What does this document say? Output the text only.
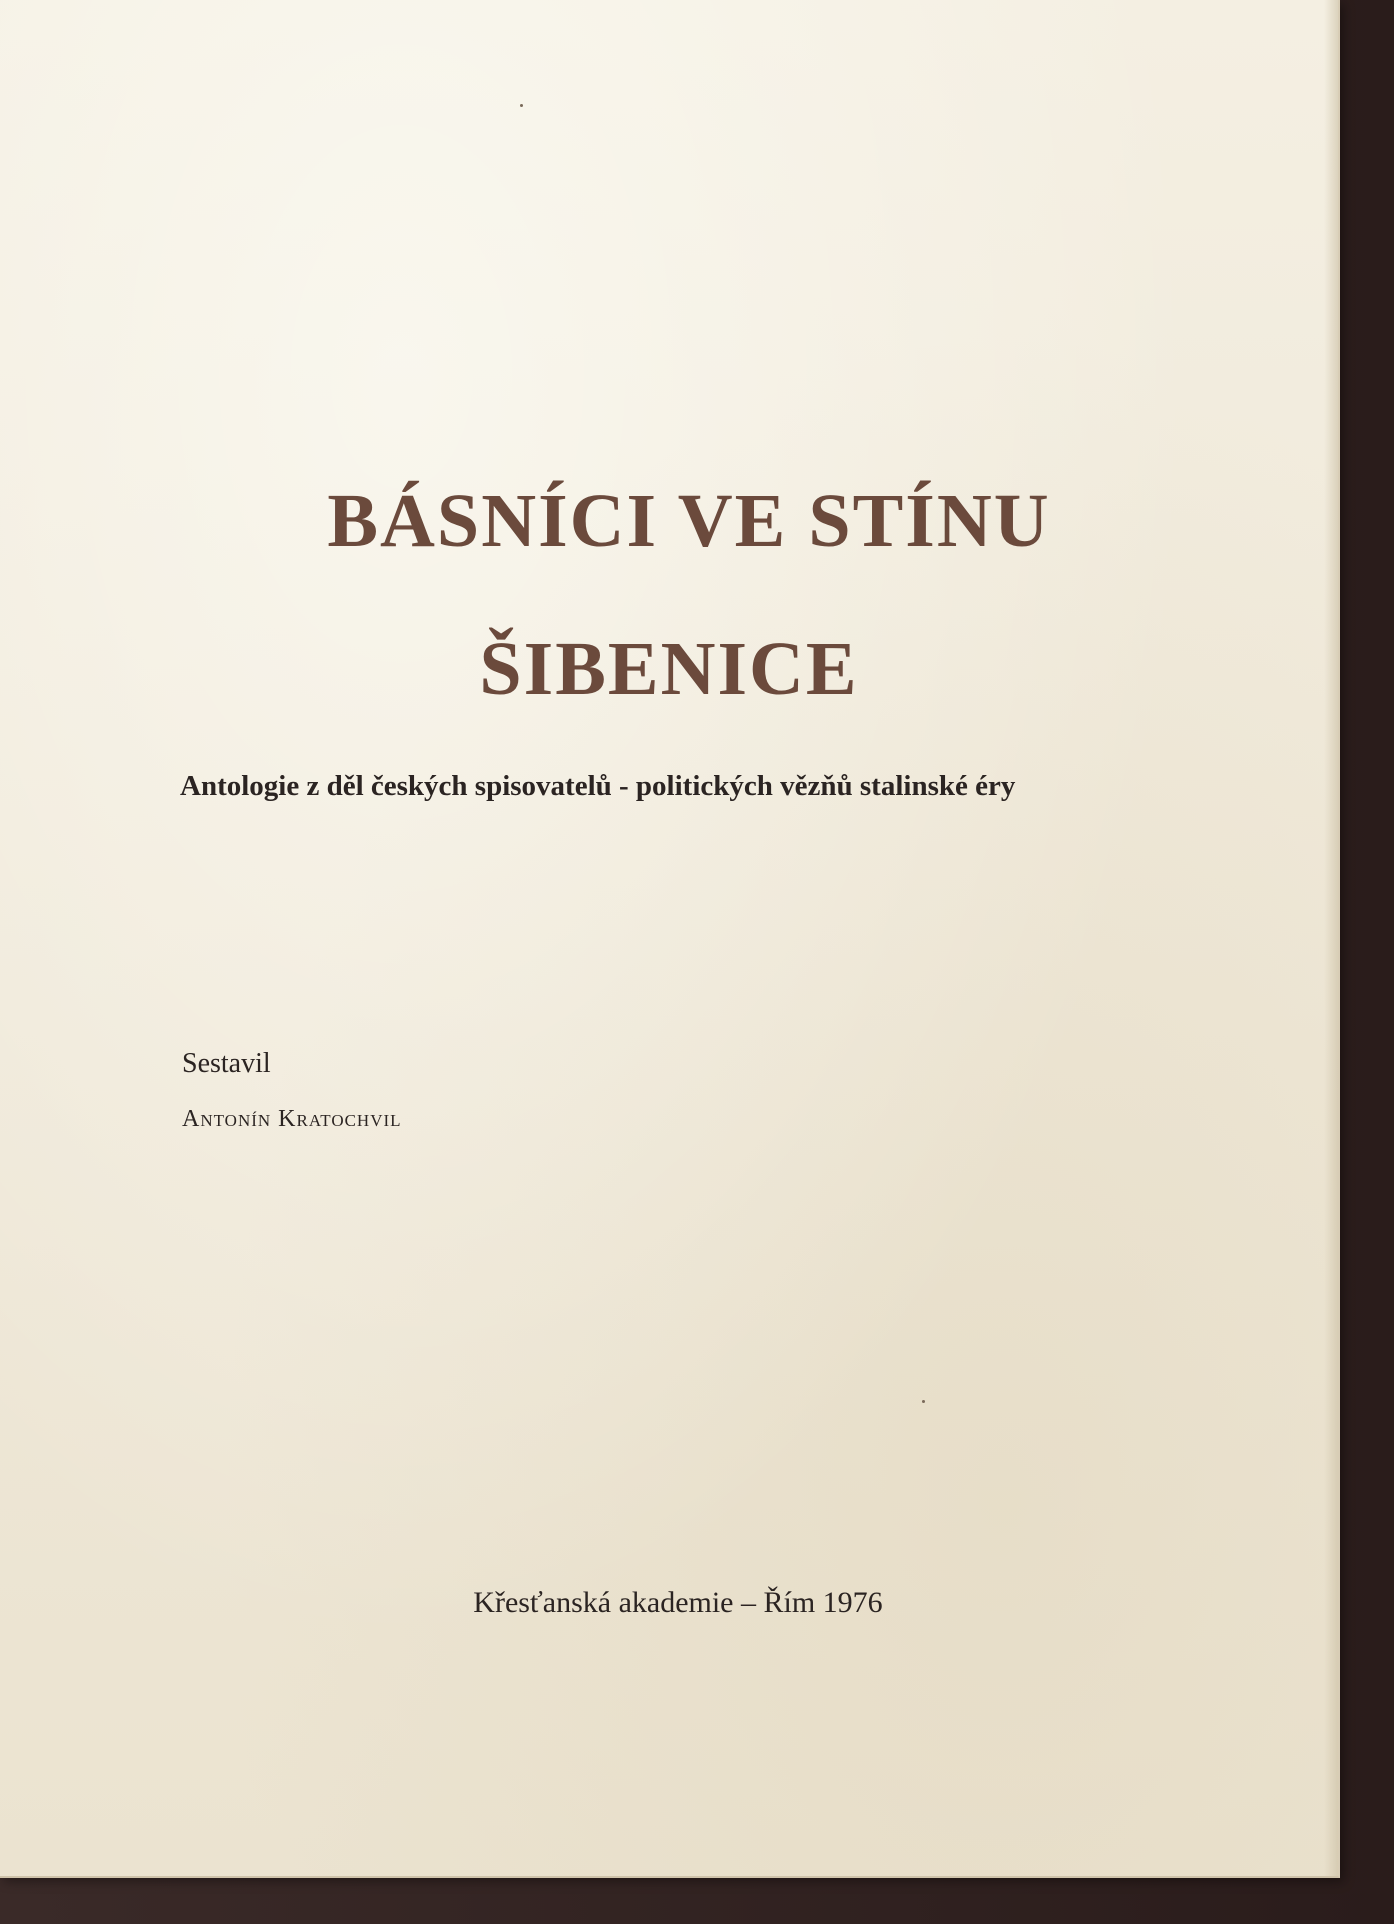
BÁSNÍCI VE STÍNU
ŠIBENICE
Antologie z děl českých spisovatelů - politických vězňů stalinské éry
Sestavil
Antonín Kratochvil
Křesťanská akademie – Řím 1976
